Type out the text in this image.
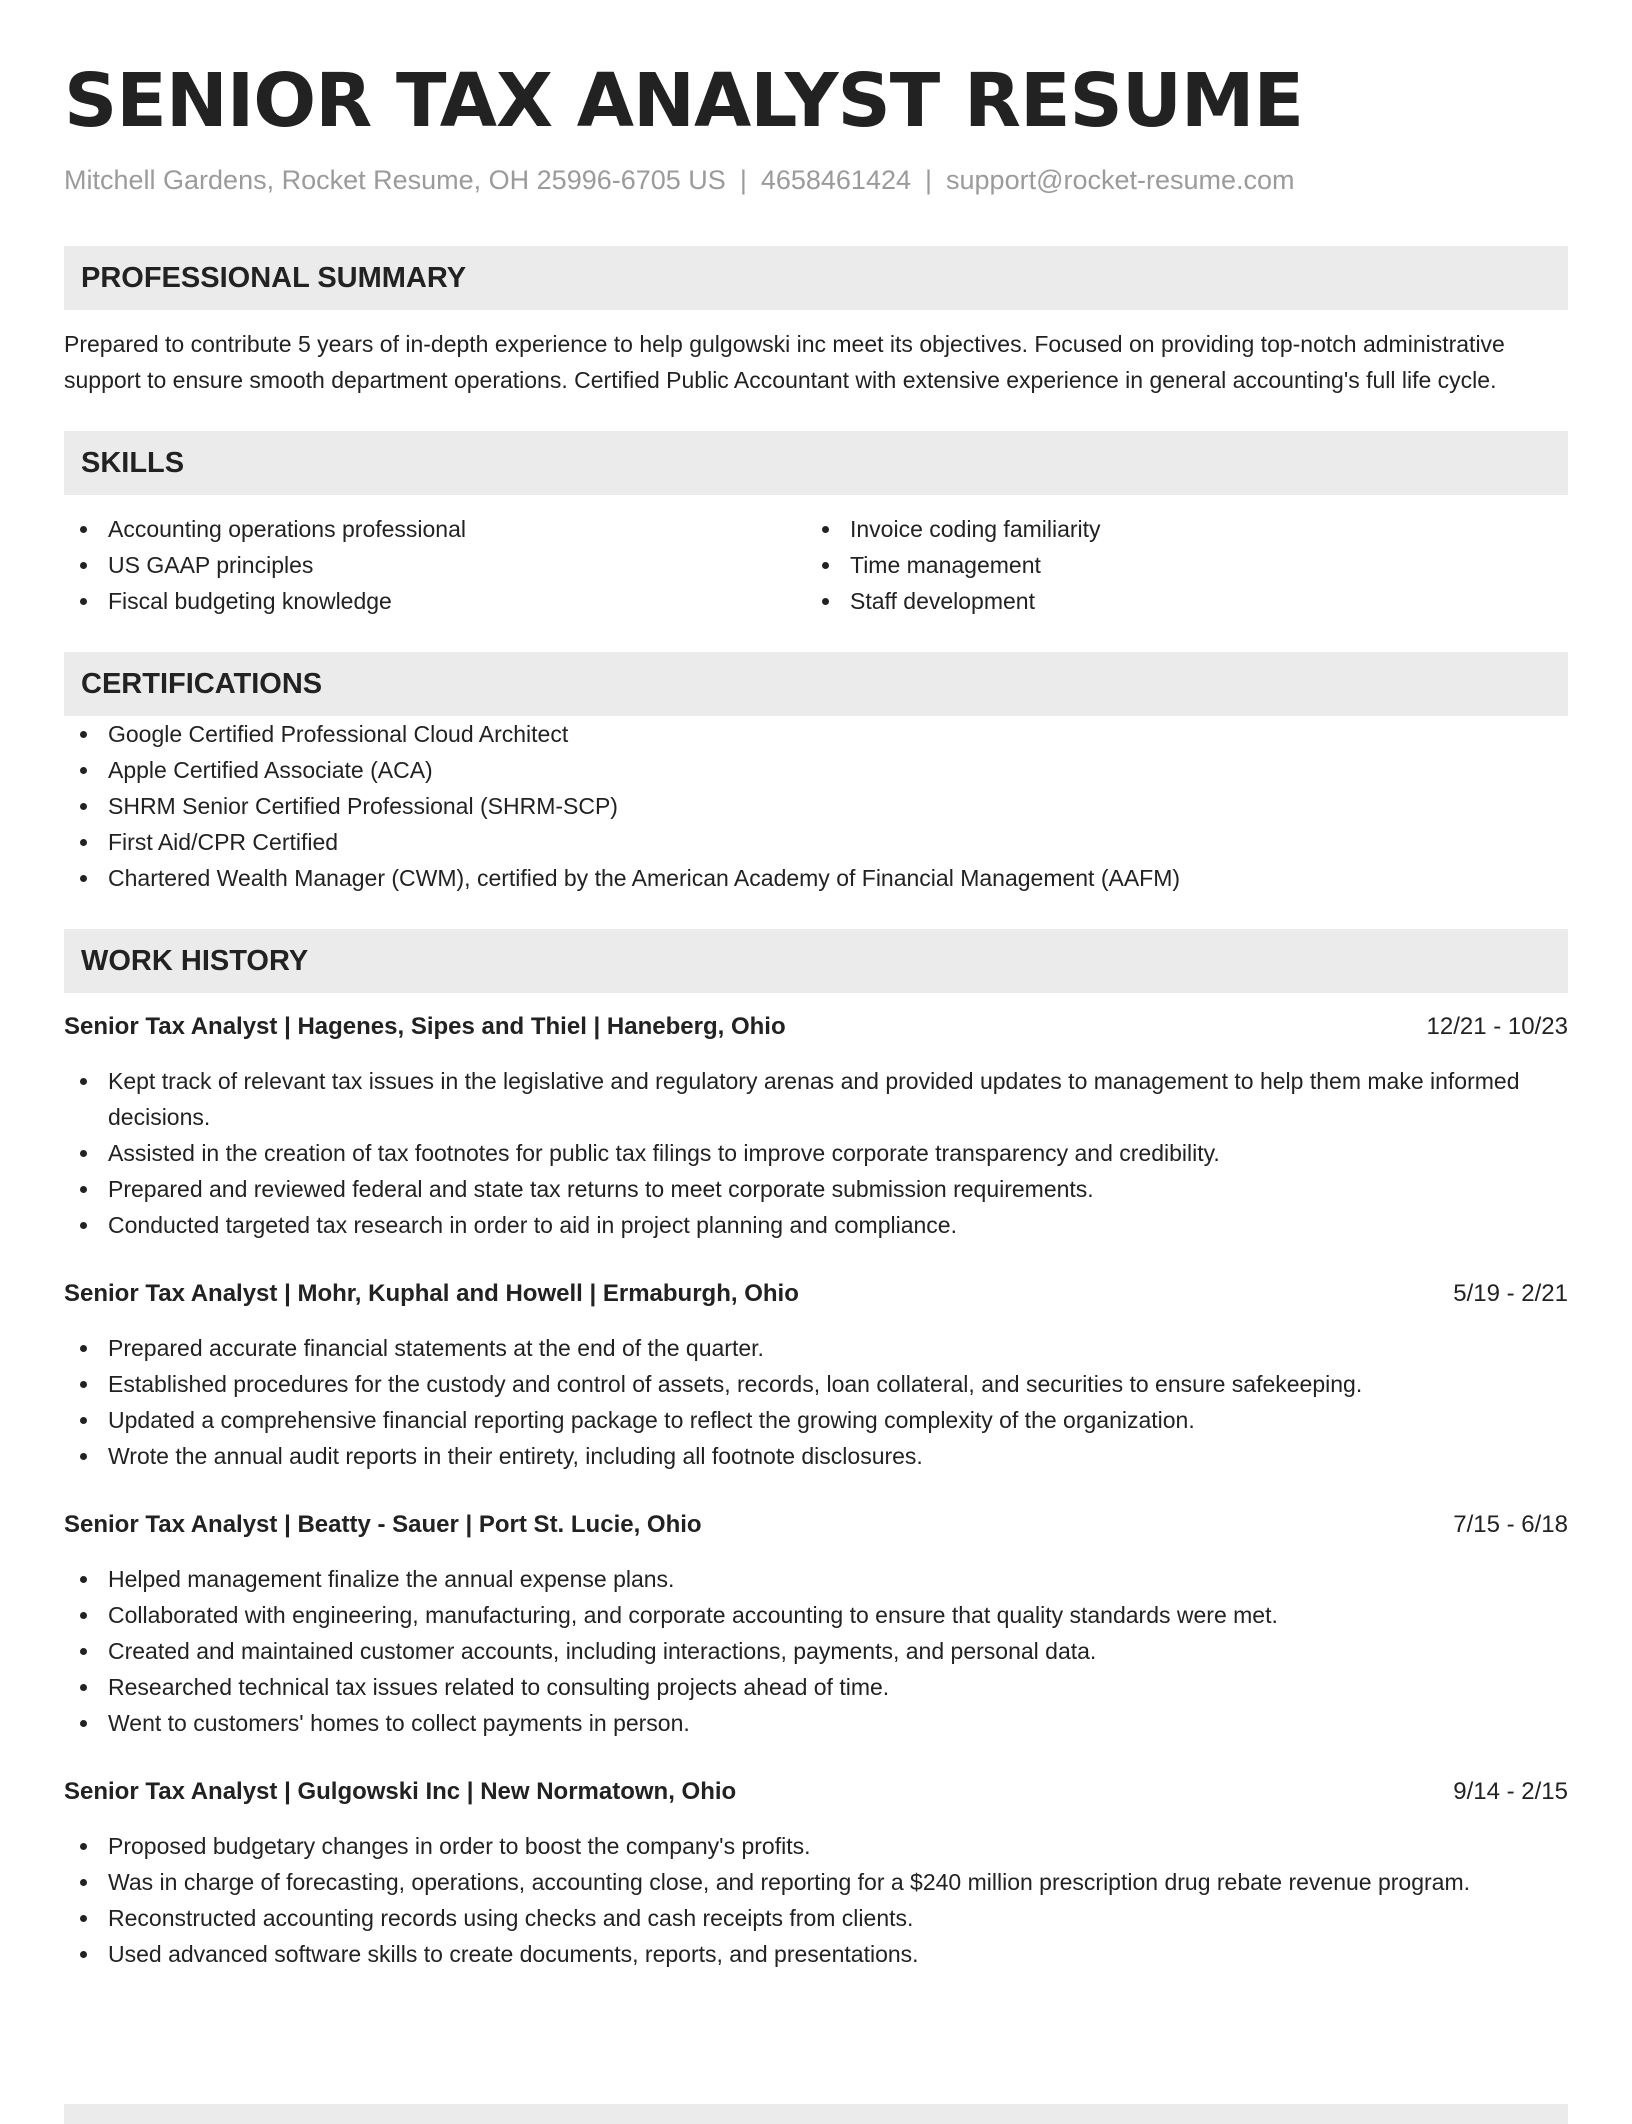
SENIOR TAX ANALYST RESUME
Mitchell Gardens, Rocket Resume, OH 25996-6705 US | 4658461424 | support@rocket-resume.com
PROFESSIONAL SUMMARY

Prepared to contribute 5 years of in-depth experience to help gulgowski inc meet its objectives. Focused on providing top-notch administrative support to ensure smooth department operations. Certified Public Accountant with extensive experience in general accounting's full life cycle.

SKILLS
Accounting operations professional
US GAAP principles
Fiscal budgeting knowledge
Invoice coding familiarity
Time management
Staff development
CERTIFICATIONS
Google Certified Professional Cloud Architect
Apple Certified Associate (ACA)
SHRM Senior Certified Professional (SHRM-SCP)
First Aid/CPR Certified
Chartered Wealth Manager (CWM), certified by the American Academy of Financial Management (AAFM)
WORK HISTORY
Senior Tax Analyst | Hagenes, Sipes and Thiel | Haneberg, Ohio	12/21 - 10/23
Kept track of relevant tax issues in the legislative and regulatory arenas and provided updates to management to help them make informed decisions.
Assisted in the creation of tax footnotes for public tax filings to improve corporate transparency and credibility.
Prepared and reviewed federal and state tax returns to meet corporate submission requirements.
Conducted targeted tax research in order to aid in project planning and compliance.
Senior Tax Analyst | Mohr, Kuphal and Howell | Ermaburgh, Ohio	5/19 - 2/21
Prepared accurate financial statements at the end of the quarter.
Established procedures for the custody and control of assets, records, loan collateral, and securities to ensure safekeeping.
Updated a comprehensive financial reporting package to reflect the growing complexity of the organization.
Wrote the annual audit reports in their entirety, including all footnote disclosures.
Senior Tax Analyst | Beatty - Sauer | Port St. Lucie, Ohio	7/15 - 6/18
Helped management finalize the annual expense plans.
Collaborated with engineering, manufacturing, and corporate accounting to ensure that quality standards were met.
Created and maintained customer accounts, including interactions, payments, and personal data.
Researched technical tax issues related to consulting projects ahead of time.
Went to customers' homes to collect payments in person.
Senior Tax Analyst | Gulgowski Inc | New Normatown, Ohio	9/14 - 2/15
Proposed budgetary changes in order to boost the company's profits.
Was in charge of forecasting, operations, accounting close, and reporting for a $240 million prescription drug rebate revenue program.
Reconstructed accounting records using checks and cash receipts from clients.
Used advanced software skills to create documents, reports, and presentations.
